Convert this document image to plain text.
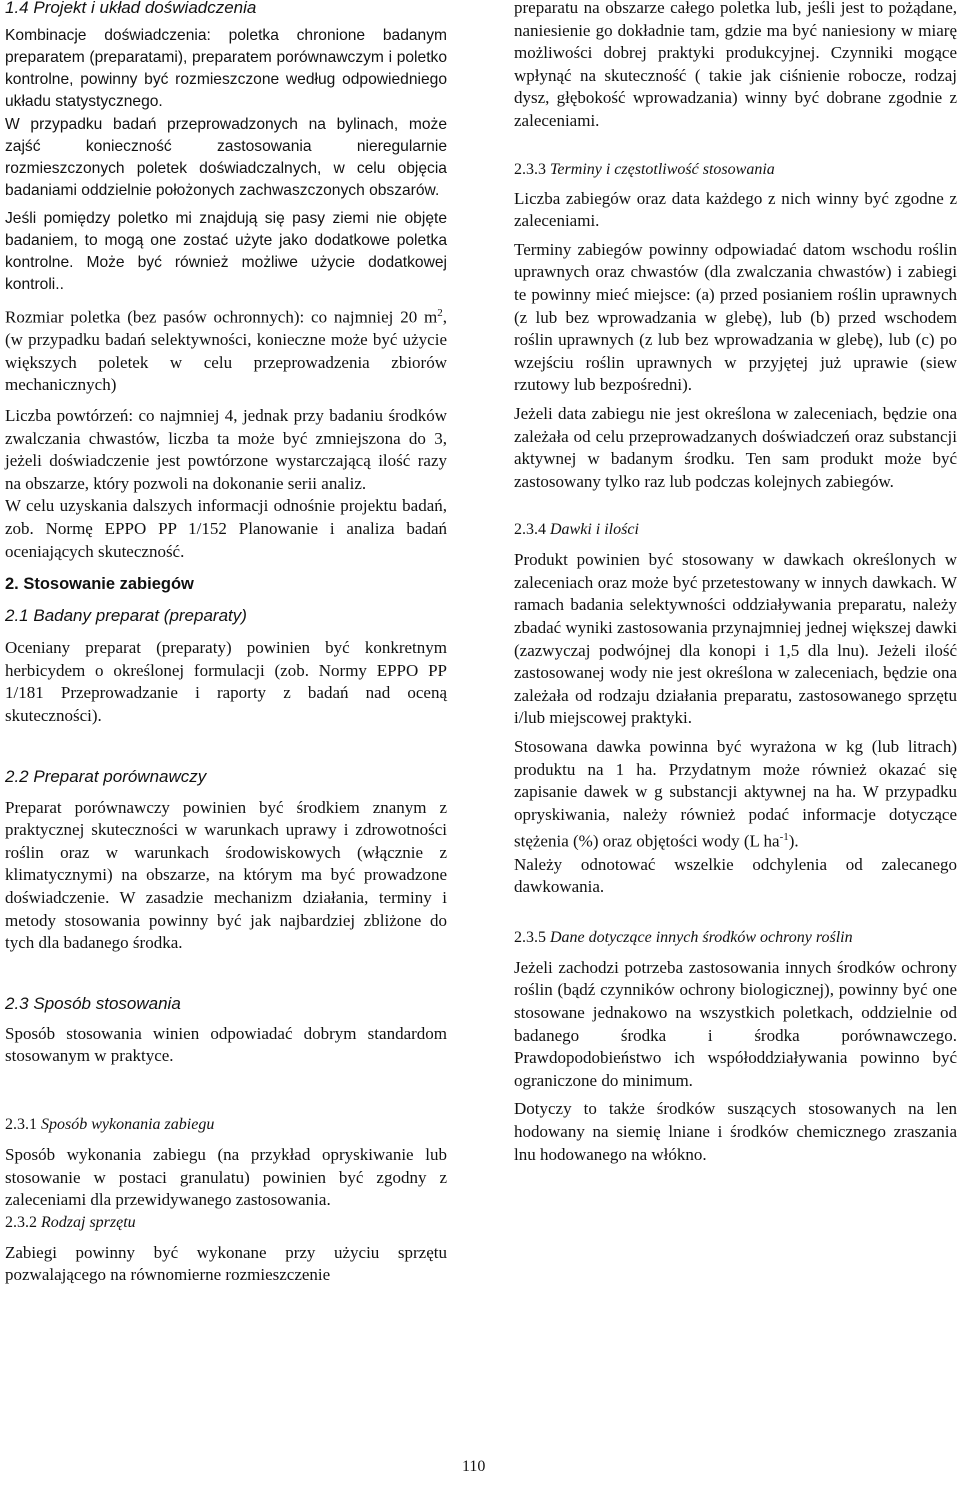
1.4 Projekt i układ doświadczenia

Kombinacje doświadczenia: poletka chronione badanym preparatem (preparatami), preparatem porównawczym i poletko kontrolne, powinny być rozmieszczone według odpowiedniego układu statystycznego.

W przypadku badań przeprowadzonych na bylinach, może zajść konieczność zastosowania nieregularnie rozmieszczonych poletek doświadczalnych, w celu objęcia badaniami oddzielnie położonych zachwaszczonych obszarów.

Jeśli pomiędzy poletko mi znajdują się pasy ziemi nie objęte badaniem, to mogą one zostać użyte jako dodatkowe poletka kontrolne. Może być również możliwe użycie dodatkowej kontroli..

Rozmiar poletka (bez pasów ochronnych): co najmniej 20 $m^2$, (w przypadku badań selektywności, konieczne może być użycie większych poletek w celu przeprowadzenia zbiorów mechanicznych)

Liczba powtórzeń: co najmniej 4, jednak przy badaniu środków zwalczania chwastów, liczba ta może być zmniejszona do 3, jeżeli doświadczenie jest powtórzone wystarczającą ilość razy na obszarze, który pozwoli na dokonanie serii analiz.

W celu uzyskania dalszych informacji odnośnie projektu badań, zob. Normę EPPO PP 1/152 Planowanie i analiza badań oceniających skuteczność.

2. Stosowanie zabiegów
2.1 Badany preparat (preparaty)

Oceniany preparat (preparaty) powinien być konkretnym herbicydem o określonej formulacji (zob. Normy EPPO PP 1/181 Przeprowadzanie i raporty z badań nad oceną skuteczności).

2.2 Preparat porównawczy

Preparat porównawczy powinien być środkiem znanym z praktycznej skuteczności w warunkach uprawy i zdrowotności roślin oraz w warunkach środowiskowych (włącznie z klimatycznymi) na obszarze, na którym ma być prowadzone doświadczenie. W zasadzie mechanizm działania, terminy i metody stosowania powinny być jak najbardziej zbliżone do tych dla badanego środka.

2.3 Sposób stosowania

Sposób stosowania winien odpowiadać dobrym standardom stosowanym w praktyce.

2.3.1 Sposób wykonania zabiegu

Sposób wykonania zabiegu (na przykład opryskiwanie lub stosowanie w postaci granulatu) powinien być zgodny z zaleceniami dla przewidywanego zastosowania.

2.3.2 Rodzaj sprzętu

Zabiegi powinny być wykonane przy użyciu sprzętu pozwalającego na równomierne rozmieszczenie

preparatu na obszarze całego poletka lub, jeśli jest to pożądane, naniesienie go dokładnie tam, gdzie ma być naniesiony w miarę możliwości dobrej praktyki produkcyjnej. Czynniki mogące wpłynąć na skuteczność ( takie jak ciśnienie robocze, rodzaj dysz, głębokość wprowadzania) winny być dobrane zgodnie z zaleceniami.

2.3.3 Terminy i częstotliwość stosowania

Liczba zabiegów oraz data każdego z nich winny być zgodne z zaleceniami.

Terminy zabiegów powinny odpowiadać datom wschodu roślin uprawnych oraz chwastów (dla zwalczania chwastów) i zabiegi te powinny mieć miejsce: (a) przed posianiem roślin uprawnych (z lub bez wprowadzania w glebę), lub (b) przed wschodem roślin uprawnych (z lub bez wprowadzania w glebę), lub (c) po wzejściu roślin uprawnych w przyjętej już uprawie (siew rzutowy lub bezpośredni).

Jeżeli data zabiegu nie jest określona w zaleceniach, będzie ona zależała od celu przeprowadzanych doświadczeń oraz substancji aktywnej w badanym środku. Ten sam produkt może być zastosowany tylko raz lub podczas kolejnych zabiegów.

2.3.4 Dawki i ilości

Produkt powinien być stosowany w dawkach określonych w zaleceniach oraz może być przetestowany w innych dawkach. W ramach badania selektywności oddziaływania preparatu, należy zbadać wyniki zastosowania przynajmniej jednej większej dawki (zazwyczaj podwójnej dla konopi i 1,5 dla lnu). Jeżeli ilość zastosowanej wody nie jest określona w zaleceniach, będzie ona zależała od rodzaju działania preparatu, zastosowanego sprzętu i/lub miejscowej praktyki.

Stosowana dawka powinna być wyrażona w kg (lub litrach) produktu na 1 ha. Przydatnym może również okazać się zapisanie dawek w g substancji aktywnej na ha. W przypadku opryskiwania, należy również podać informacje dotyczące stężenia (%) oraz objętości wody (L $ha^{-1}$).

Należy odnotować wszelkie odchylenia od zalecanego dawkowania.

2.3.5 Dane dotyczące innych środków ochrony roślin

Jeżeli zachodzi potrzeba zastosowania innych środków ochrony roślin (bądź czynników ochrony biologicznej), powinny być one stosowane jednakowo na wszystkich poletkach, oddzielnie od badanego środka i środka porównawczego. Prawdopodobieństwo ich współoddziaływania powinno być ograniczone do minimum.

Dotyczy to także środków suszących stosowanych na len hodowany na siemię lniane i środków chemicznego zraszania lnu hodowanego na włókno.

110
